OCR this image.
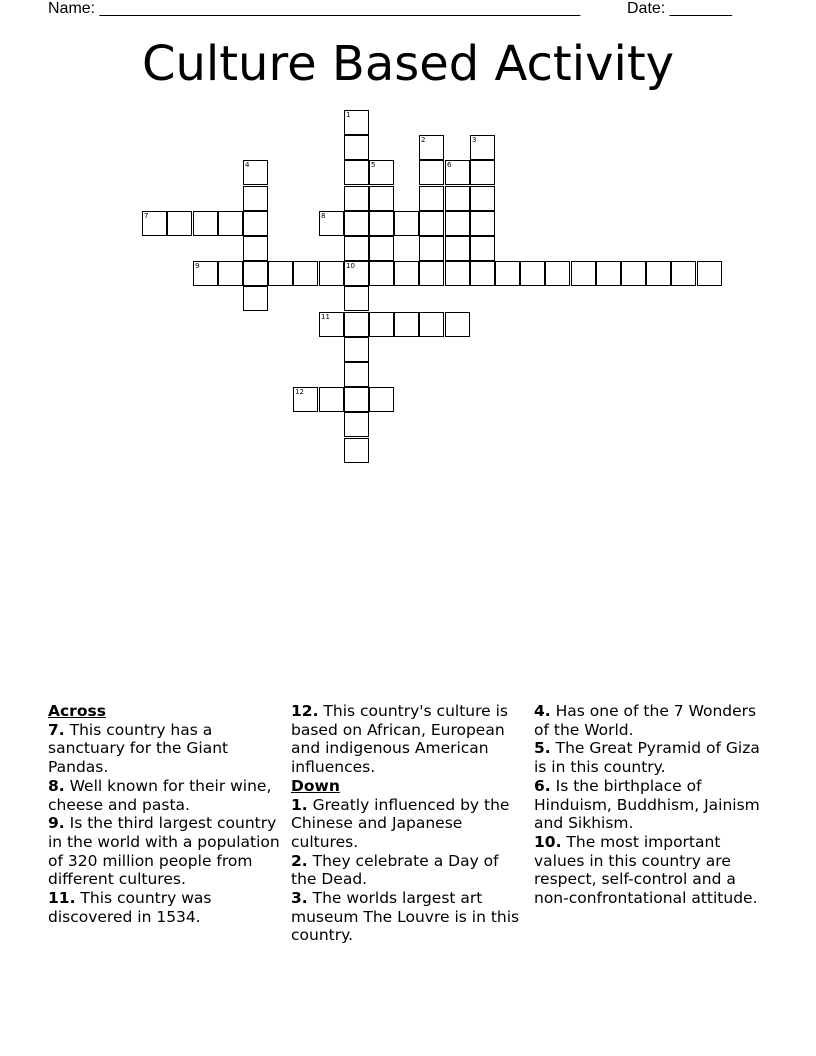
Name: ______________________________________________________	Date: _______
Culture Based Activity
1
2	3
4	5	6
7	8
9	10
11
12
Across
7. This country has a sanctuary for the Giant Pandas.
8. Well known for their wine, cheese and pasta.
9. Is the third largest country in the world with a population of 320 million people from different cultures.
11. This country was discovered in 1534.
12. This country's culture is based on African, European and indigenous American influences.
Down
1. Greatly influenced by the Chinese and Japanese cultures.
2. They celebrate a Day of the Dead.
3. The worlds largest art museum The Louvre is in this country.
4. Has one of the 7 Wonders of the World.
5. The Great Pyramid of Giza is in this country.
6. Is the birthplace of Hinduism, Buddhism, Jainism and Sikhism.
10. The most important values in this country are respect, self-control and a non-confrontational attitude.
